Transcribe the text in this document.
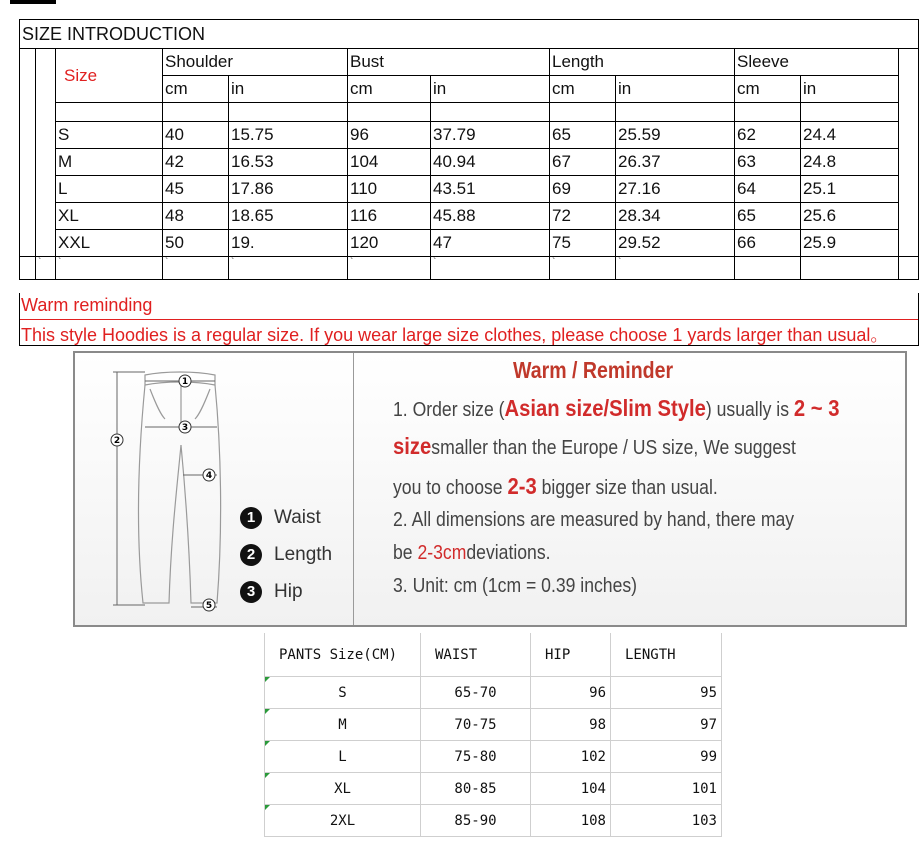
SIZE INTRODUCTION											
		Size	Shoulder		Bust		Length		Sleeve		
			cm	in	cm	in	cm	in	cm	in	

		S	40	15.75	96	37.79	65	25.59	62	24.4	
		M	42	16.53	104	40.94	67	26.37	63	24.8	
		L	45	17.86	110	43.51	69	27.16	64	25.1	
		XL	48	18.65	116	45.88	72	28.34	65	25.6	
		XXL	50	19.	120	47	75	29.52	66	25.9	
	`	`	`	`	`	`	`	`			
Warm reminding
This style Hoodies is a regular size. If you wear large size clothes, please choose 1 yards larger than usual。
1
2
3
4
5
1 Waist
2 Length
3 Hip
Warm / Reminder
1. Order size (Asian size/Slim Style) usually is 2 ~ 3
sizesmaller than the Europe / US size, We suggest
you to choose 2-3 bigger size than usual.
2. All dimensions are measured by hand, there may
be 2-3cmdeviations.
3. Unit: cm (1cm = 0.39 inches)
PANTS Size(CM)	WAIST	HIP	LENGTH

S	65-70	96	95

M	70-75	98	97

L	75-80	102	99

XL	80-85	104	101

2XL	85-90	108	103
